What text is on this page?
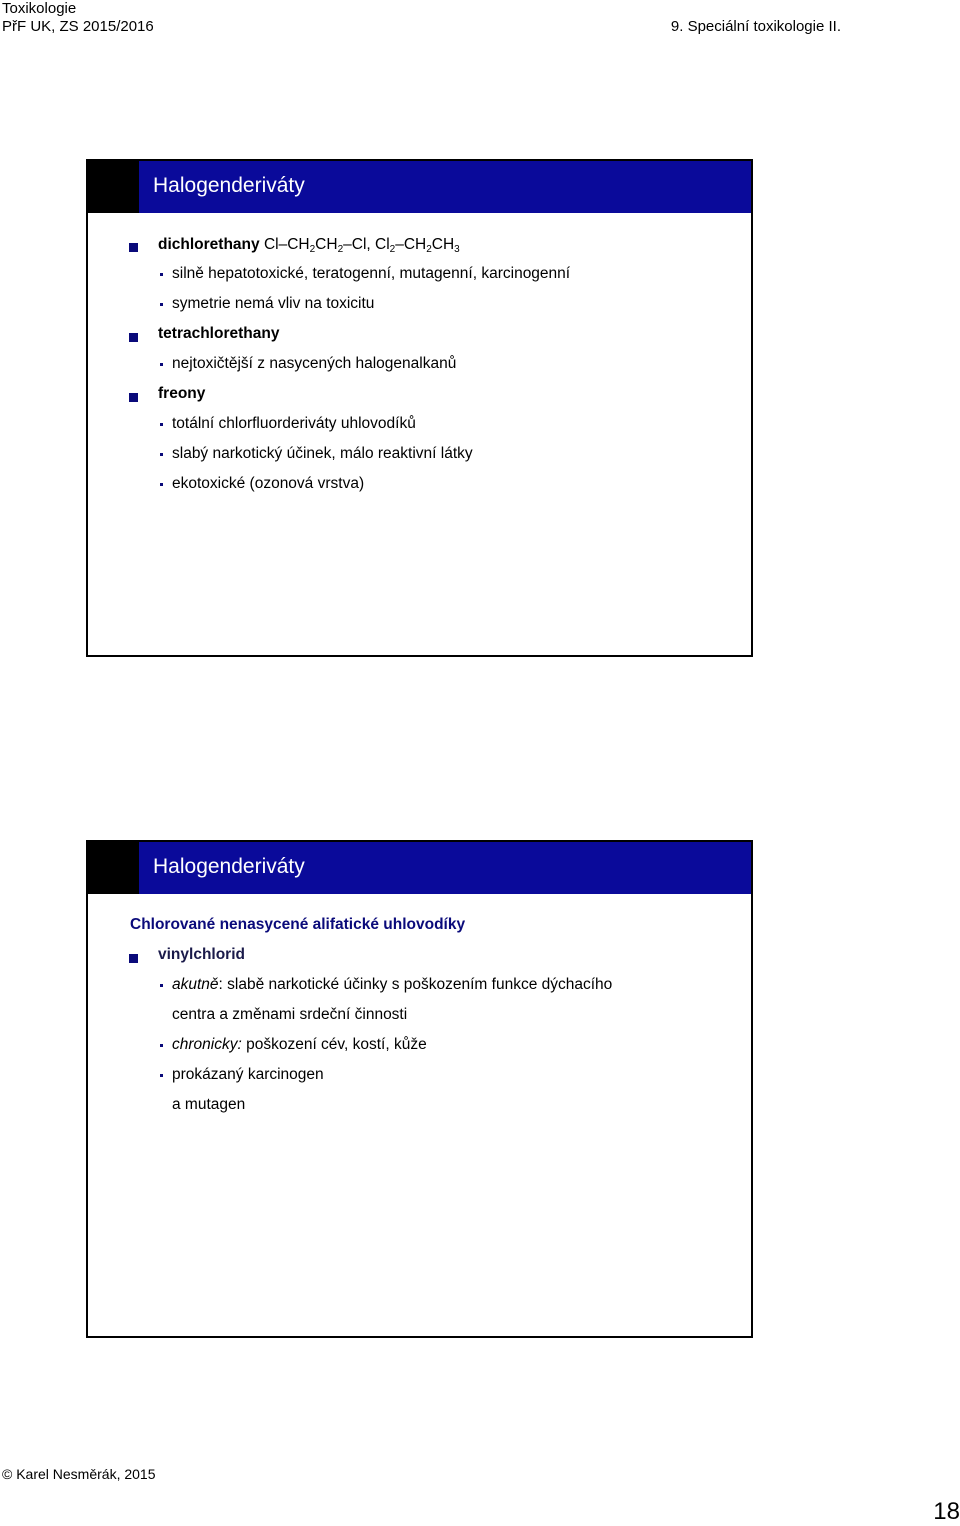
Toxikologie
PřF UK, ZS 2015/2016	9. Speciální toxikologie II.
Halogenderiváty
dichlorethany $Cl-CH_2CH_2-Cl$, $Cl_2-CH_2CH_3$
silně hepatotoxické, teratogenní, mutagenní, karcinogenní
symetrie nemá vliv na toxicitu
tetrachlorethany
nejtoxičtější z nasycených halogenalkanů
freony
totální chlorfluorderiváty uhlovodíků
slabý narkotický účinek, málo reaktivní látky
ekotoxické (ozonová vrstva)
Halogenderiváty
Chlorované nenasycené alifatické uhlovodíky
vinylchlorid
akutně: slabě narkotické účinky s poškozením funkce dýchacího
centra a změnami srdeční činnosti
chronicky: poškození cév, kostí, kůže
prokázaný karcinogen
a mutagen
© Karel Nesměrák, 2015
18
